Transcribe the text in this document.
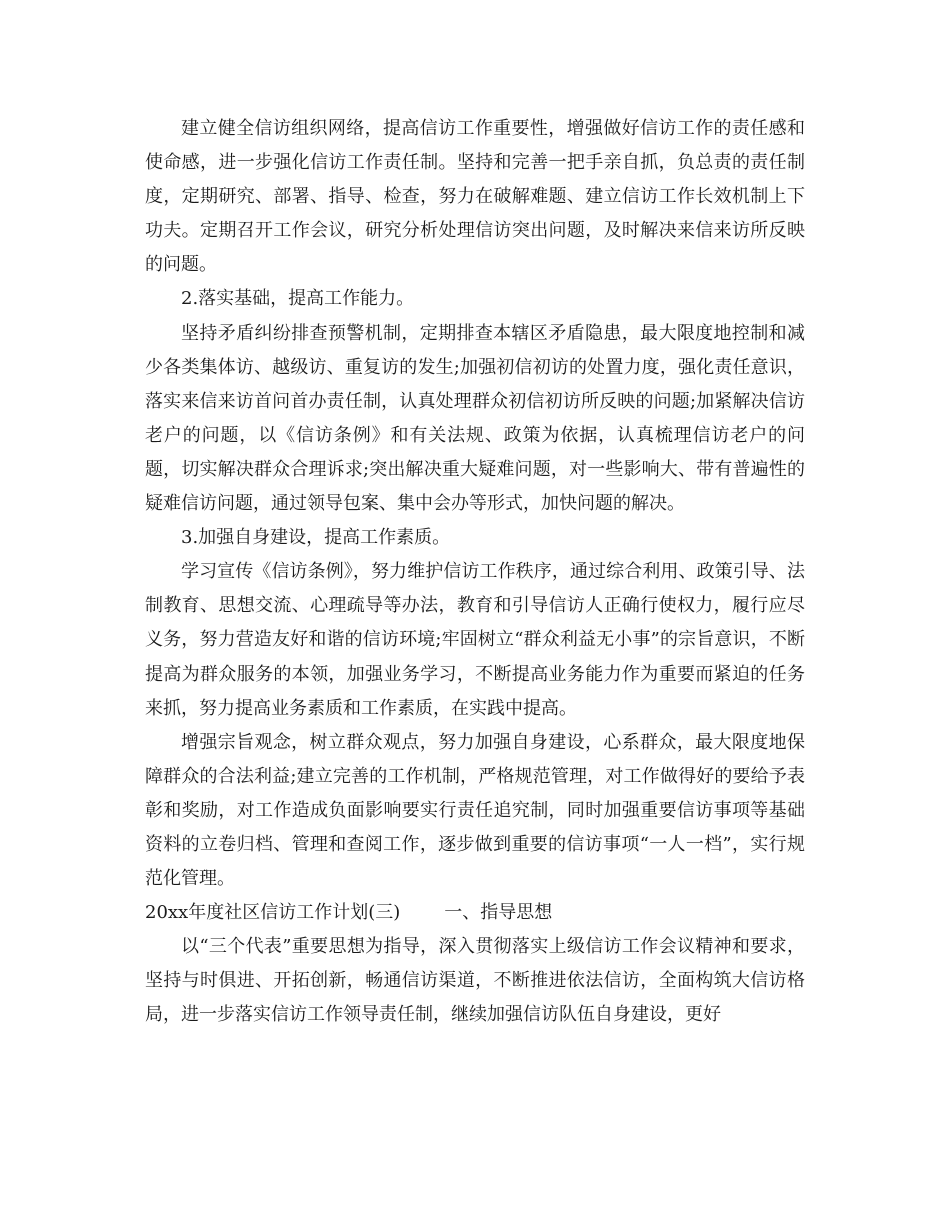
建立健全信访组织网络，提高信访工作重要性，增强做好信访工作的责任感和使命感，进一步强化信访工作责任制。坚持和完善一把手亲自抓，负总责的责任制度，定期研究、部署、指导、检查，努力在破解难题、建立信访工作长效机制上下功夫。定期召开工作会议，研究分析处理信访突出问题，及时解决来信来访所反映的问题。

2.落实基础，提高工作能力。

坚持矛盾纠纷排查预警机制，定期排查本辖区矛盾隐患，最大限度地控制和减少各类集体访、越级访、重复访的发生;加强初信初访的处置力度，强化责任意识，落实来信来访首问首办责任制，认真处理群众初信初访所反映的问题;加紧解决信访老户的问题，以《信访条例》和有关法规、政策为依据，认真梳理信访老户的问题，切实解决群众合理诉求;突出解决重大疑难问题，对一些影响大、带有普遍性的疑难信访问题，通过领导包案、集中会办等形式，加快问题的解决。

3.加强自身建设，提高工作素质。

学习宣传《信访条例》，努力维护信访工作秩序，通过综合利用、政策引导、法制教育、思想交流、心理疏导等办法，教育和引导信访人正确行使权力，履行应尽义务，努力营造友好和谐的信访环境;牢固树立“群众利益无小事”的宗旨意识，不断提高为群众服务的本领，加强业务学习，不断提高业务能力作为重要而紧迫的任务来抓，努力提高业务素质和工作素质，在实践中提高。

增强宗旨观念，树立群众观点，努力加强自身建设，心系群众，最大限度地保障群众的合法利益;建立完善的工作机制，严格规范管理，对工作做得好的要给予表彰和奖励，对工作造成负面影响要实行责任追究制，同时加强重要信访事项等基础资料的立卷归档、管理和查阅工作，逐步做到重要的信访事项“一人一档”，实行规范化管理。

20xx年度社区信访工作计划(三) 一、指导思想

以“三个代表”重要思想为指导，深入贯彻落实上级信访工作会议精神和要求，坚持与时俱进、开拓创新，畅通信访渠道，不断推进依法信访，全面构筑大信访格局，进一步落实信访工作领导责任制，继续加强信访队伍自身建设，更好
